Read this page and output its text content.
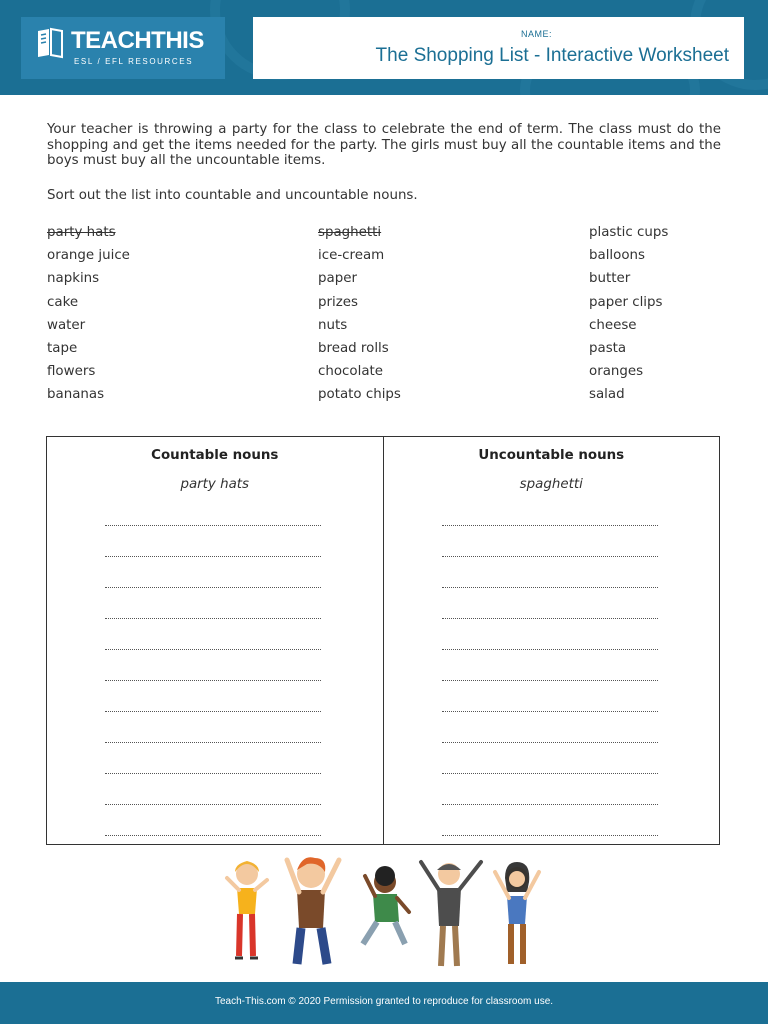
TEACHTHIS
ESL / EFL RESOURCES
NAME:
The Shopping List - Interactive Worksheet
Your teacher is throwing a party for the class to celebrate the end of term. The class must do the shopping and get the items needed for the party. The girls must buy all the countable items and the boys must buy all the uncountable items.
Sort out the list into countable and uncountable nouns.
party hats
orange juice
napkins
cake
water
tape
flowers
bananas
spaghetti
ice-cream
paper
prizes
nuts
bread rolls
chocolate
potato chips
plastic cups
balloons
butter
paper clips
cheese
pasta
oranges
salad
Countable nouns
party hats
Uncountable nouns
spaghetti
Teach-This.com © 2020 Permission granted to reproduce for classroom use.
